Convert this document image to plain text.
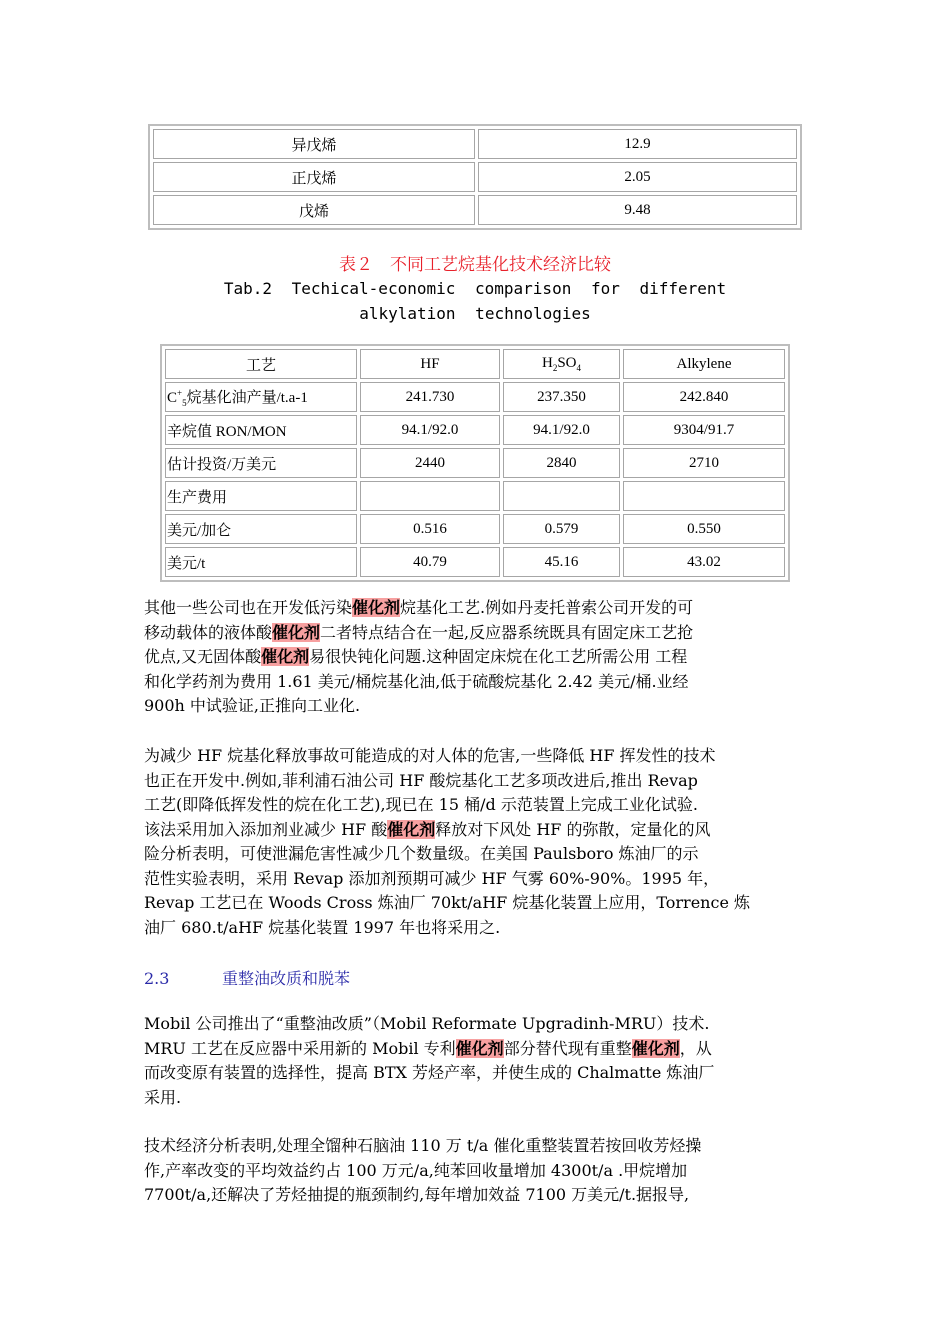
异戊烯	12.9
正戊烯	2.05
戊烯	9.48
表２　不同工艺烷基化技术经济比较
Tab.2 Techical-economic comparison for different
alkylation technologies
工艺	HF	$H_2SO_4$	Alkylene
$C^+_5$烷基化油产量/t.a-1	241.730	237.350	242.840
辛烷值 RON/MON	94.1/92.0	94.1/92.0	9304/91.7
估计投资/万美元	2440	2840	2710
生产费用			
美元/加仑	0.516	0.579	0.550
美元/t	40.79	45.16	43.02
其他一些公司也在开发低污染催化剂烷基化工艺.例如丹麦托普索公司开发的可
移动载体的液体酸催化剂二者特点结合在一起,反应器系统既具有固定床工艺抢
优点,又无固体酸催化剂易很快钝化问题.这种固定床烷在化工艺所需公用 工程
和化学药剂为费用 1.61 美元/桶烷基化油,低于硫酸烷基化 2.42 美元/桶.业经
900h 中试验证,正推向工业化.
为减少 HF 烷基化释放事故可能造成的对人体的危害,一些降低 HF 挥发性的技术
也正在开发中.例如,菲利浦石油公司 HF 酸烷基化工艺多项改进后,推出 Revap
工艺(即降低挥发性的烷在化工艺),现已在 15 桶/d 示范装置上完成工业化试验.
该法采用加入添加剂业减少 HF 酸催化剂释放对下风处 HF 的弥散，定量化的风
险分析表明，可使泄漏危害性减少几个数量级。在美国 Paulsboro 炼油厂的示
范性实验表明，采用 Revap 添加剂预期可减少 HF 气雾 60%-90%。1995 年，
Revap 工艺已在 Woods Cross 炼油厂 70kt/aHF 烷基化装置上应用，Torrence 炼
油厂 680.t/aHF 烷基化装置 1997 年也将采用之.
2.3	重整油改质和脱苯
Mobil 公司推出了“重整油改质”（Mobil Reformate Upgradinh-MRU）技术.
MRU 工艺在反应器中采用新的 Mobil 专利催化剂部分替代现有重整催化剂，从
而改变原有装置的选择性，提高 BTX 芳烃产率，并使生成的 Chalmatte 炼油厂
采用.
技术经济分析表明,处理全馏种石脑油 110 万 t/a 催化重整装置若按回收芳烃操
作,产率改变的平均效益约占 100 万元/a,纯苯回收量增加 4300t/a .甲烷增加
7700t/a,还解决了芳烃抽提的瓶颈制约,每年增加效益 7100 万美元/t.据报导,
